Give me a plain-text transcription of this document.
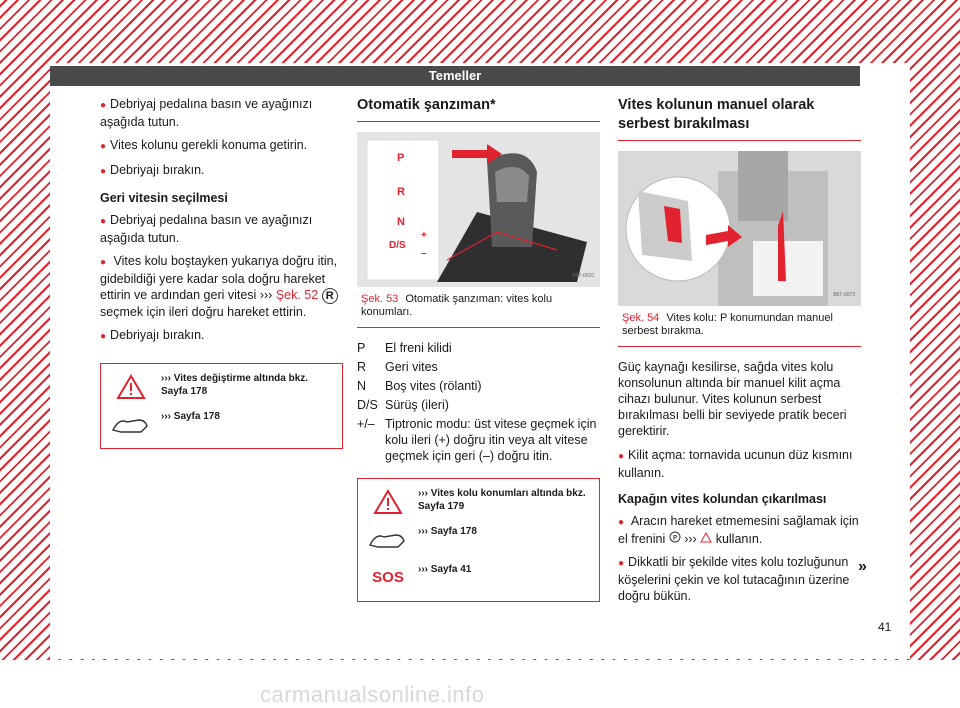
carmanualsonline.info
Temeller
● Debriyaj pedalına basın ve ayağınızı aşağıda tutun.
● Vites kolunu gerekli konuma getirin.
● Debriyajı bırakın.
Geri vitesin seçilmesi
● Debriyaj pedalına basın ve ayağınızı aşağıda tutun.
● Vites kolu boştayken yukarıya doğru itin, gidebildiği yere kadar sola doğru hareket ettirin ve ardından geri vitesi ››› Şek. 52 R seçmek için ileri doğru hareket ettirin.
● Debriyajı bırakın.
››› Vites değiştirme altında bkz. Sayfa 178
››› Sayfa 178
Otomatik şanzıman*
P
R
N
D/S
+
–
B5T-0010
Şek. 53 Otomatik şanzıman: vites kolu konumları.
P	El freni kilidi
R	Geri vites
N	Boş vites (rölanti)
D/S Sürüş (ileri)
+/– Tiptronic modu: üst vitese geçmek için kolu ileri (+) doğru itin veya alt vitese geçmek için geri (–) doğru itin.
››› Vites kolu konumları altında bkz. Sayfa 179
››› Sayfa 178
SOS	››› Sayfa 41
Vites kolunun manuel olarak serbest bırakılması
B5T-0073
Şek. 54 Vites kolu: P konumundan manuel serbest bırakma.
Güç kaynağı kesilirse, sağda vites kolu konsolunun altında bir manuel kilit açma cihazı bulunur. Vites kolunun serbest bırakılması belli bir seviyede pratik beceri gerektirir.
● Kilit açma: tornavida ucunun düz kısmını kullanın.
Kapağın vites kolundan çıkarılması
● Aracın hareket etmemesini sağlamak için el frenini P ››› kullanın.
● Dikkatli bir şekilde vites kolu tozluğunun köşelerini çekin ve kol tutacağının üzerine doğru bükün.
»
41
